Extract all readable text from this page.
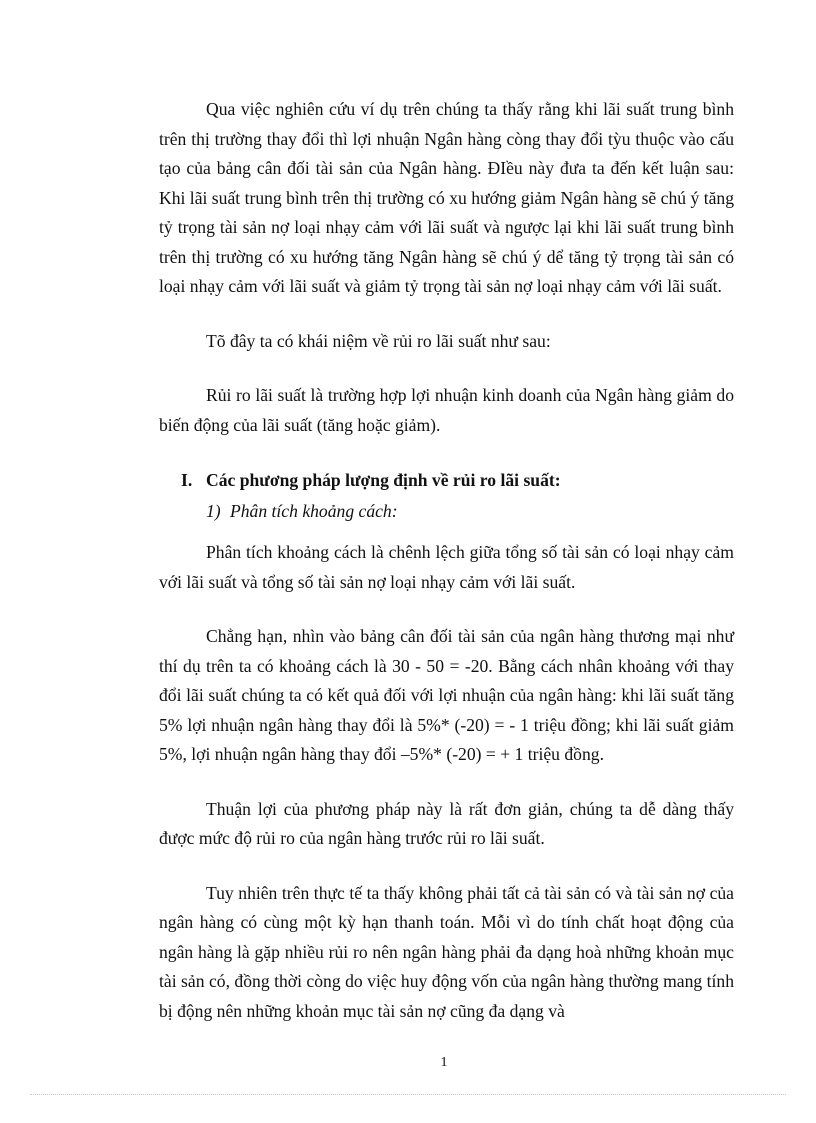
Qua việc nghiên cứu ví dụ trên chúng ta thấy rằng khi lãi suất trung bình trên thị trường thay đổi thì lợi nhuận Ngân hàng còng thay đổi tỳu thuộc vào cấu tạo của bảng cân đối tài sản của Ngân hàng. ĐIều này đưa ta đến kết luận sau: Khi lãi suất trung bình trên thị trường có xu hướng giảm Ngân hàng sẽ chú ý tăng tỷ trọng tài sản nợ loại nhạy cảm với lãi suất và ngược lại khi lãi suất trung bình trên thị trường có xu hướng tăng Ngân hàng sẽ chú ý dể tăng tỷ trọng tài sản có loại nhạy cảm với lãi suất và giảm tỷ trọng tài sản nợ loại nhạy cảm với lãi suất.

Tõ đây ta có khái niệm về rủi ro lãi suất như sau:

Rủi ro lãi suất là trường hợp lợi nhuận kinh doanh của Ngân hàng giảm do biến động của lãi suất (tăng hoặc giảm).

I. Các phương pháp lượng định về rủi ro lãi suất:
1) Phân tích khoảng cách:

Phân tích khoảng cách là chênh lệch giữa tổng số tài sản có loại nhạy cảm với lãi suất và tổng số tài sản nợ loại nhạy cảm với lãi suất.

Chẳng hạn, nhìn vào bảng cân đối tài sản của ngân hàng thương mại như thí dụ trên ta có khoảng cách là 30 - 50 = -20. Bằng cách nhân khoảng với thay đổi lãi suất chúng ta có kết quả đối với lợi nhuận của ngân hàng: khi lãi suất tăng 5% lợi nhuận ngân hàng thay đổi là 5%* (-20) = - 1 triệu đồng; khi lãi suất giảm 5%, lợi nhuận ngân hàng thay đổi –5%* (-20) = + 1 triệu đồng.

Thuận lợi của phương pháp này là rất đơn giản, chúng ta dễ dàng thấy được mức độ rủi ro của ngân hàng trước rủi ro lãi suất.

Tuy nhiên trên thực tế ta thấy không phải tất cả tài sản có và tài sản nợ của ngân hàng có cùng một kỳ hạn thanh toán. Mỗi vì do tính chất hoạt động của ngân hàng là gặp nhiều rủi ro nên ngân hàng phải đa dạng hoà những khoản mục tài sản có, đồng thời còng do việc huy động vốn của ngân hàng thường mang tính bị động nên những khoản mục tài sản nợ cũng đa dạng và

1
